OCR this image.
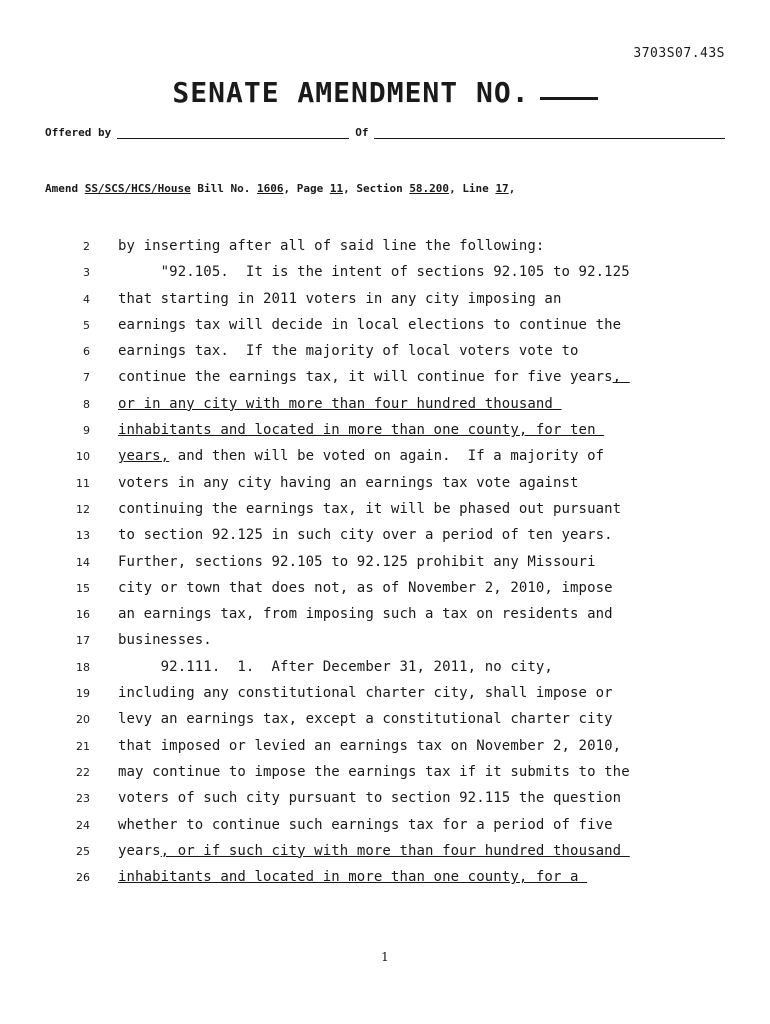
3703S07.43S
SENATE AMENDMENT NO.
Offered by	Of
Amend SS/SCS/HCS/House Bill No. 1606, Page 11, Section 58.200, Line 17,
2 by inserting after all of said line the following:
3 "92.105.  It is the intent of sections 92.105 to 92.125
4 that starting in 2011 voters in any city imposing an
5 earnings tax will decide in local elections to continue the
6 earnings tax.  If the majority of local voters vote to
7 continue the earnings tax, it will continue for five years,
8 or in any city with more than four hundred thousand
9 inhabitants and located in more than one county, for ten
10 years, and then will be voted on again.  If a majority of
11 voters in any city having an earnings tax vote against
12 continuing the earnings tax, it will be phased out pursuant
13 to section 92.125 in such city over a period of ten years.
14 Further, sections 92.105 to 92.125 prohibit any Missouri
15 city or town that does not, as of November 2, 2010, impose
16 an earnings tax, from imposing such a tax on residents and
17 businesses.
18 92.111.  1.  After December 31, 2011, no city,
19 including any constitutional charter city, shall impose or
20 levy an earnings tax, except a constitutional charter city
21 that imposed or levied an earnings tax on November 2, 2010,
22 may continue to impose the earnings tax if it submits to the
23 voters of such city pursuant to section 92.115 the question
24 whether to continue such earnings tax for a period of five
25 years, or if such city with more than four hundred thousand
26 inhabitants and located in more than one county, for a
1
